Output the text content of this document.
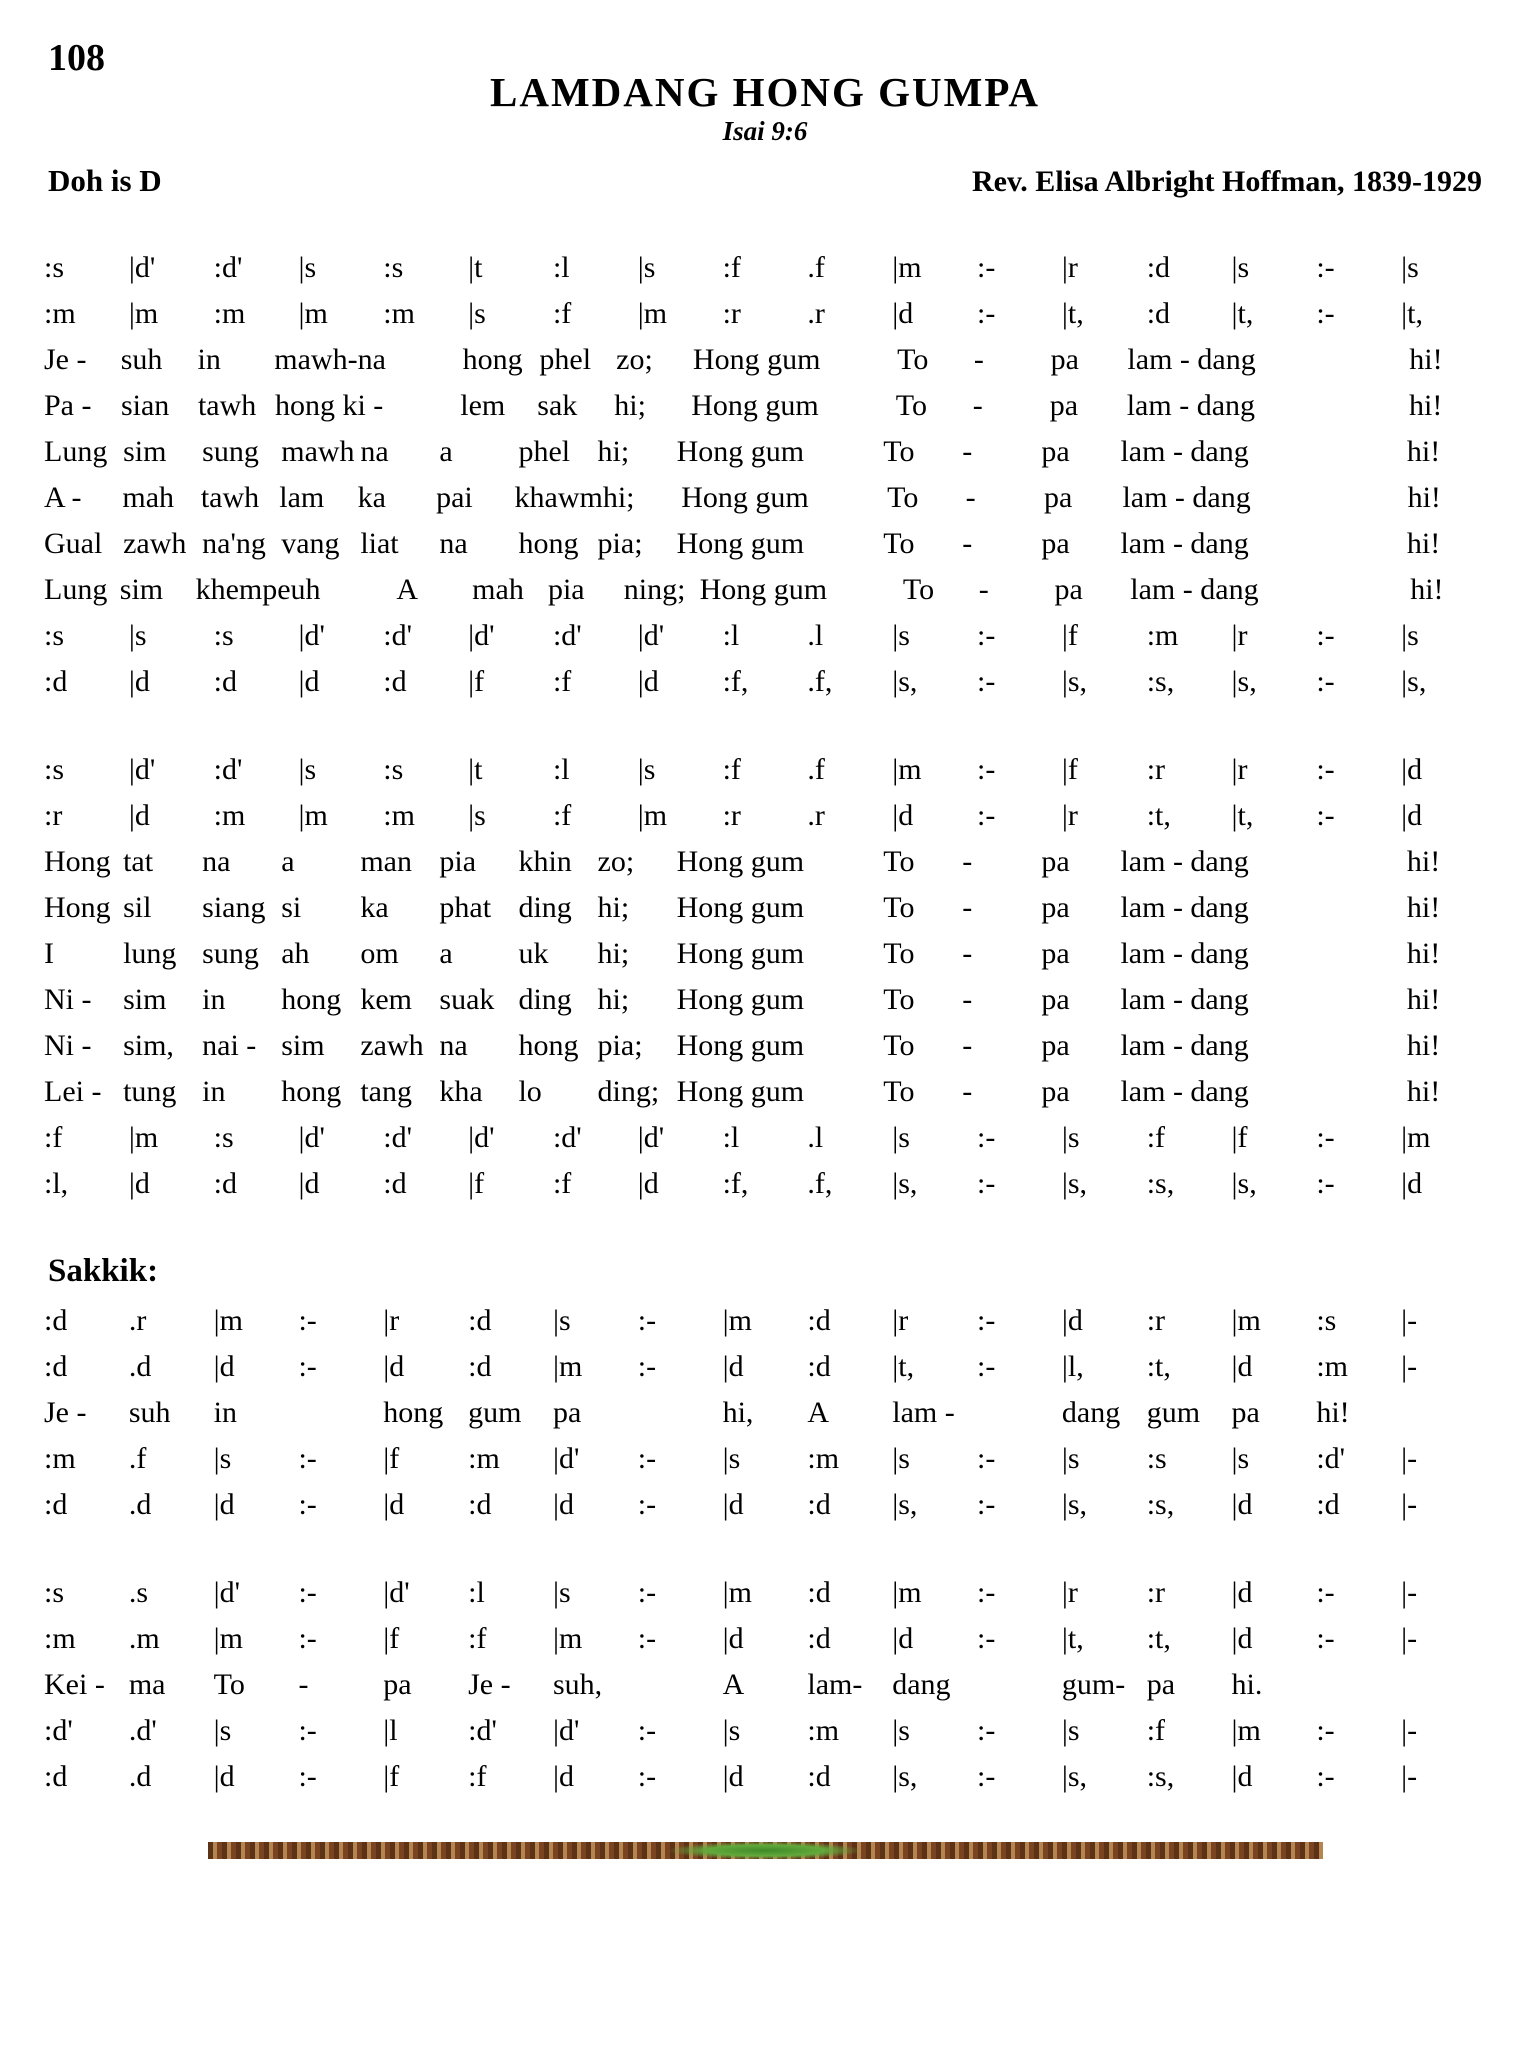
108
LAMDANG HONG GUMPA
Isai 9:6
Doh is D	Rev. Elisa Albright Hoffman, 1839-1929
:s	|d'	:d'	|s	:s	|t	:l	|s	:f	.f	|m	:-	|r	:d	|s	:-	|s
:m	|m	:m	|m	:m	|s	:f	|m	:r	.r	|d	:-	|t,	:d	|t,	:-	|t,
Je -	suh	in	mawh-na	hong phel zo;	Hong gum	To	-	pa	lam - dang	hi!
Pa - sian tawh hong ki -	lem	sak	hi;	Hong gum	To	-	pa	lam - dang	hi!
Lung sim	sung mawh na	a	phel hi;	Hong gum	To	-	pa	lam - dang	hi!
A -	mah tawh lam	ka	pai	khawm hi;	Hong gum	To	-	pa	lam - dang	hi!
Gual zawh na'ng vang liat	na	hong pia;	Hong gum	To	-	pa	lam - dang	hi!
Lung sim	khempeuh	A	mah pia	ning; Hong gum	To	-	pa	lam - dang	hi!
:s	|s	:s	|d'	:d'	|d'	:d'	|d'	:l	.l	|s	:-	|f	:m	|r	:-	|s
:d	|d	:d	|d	:d	|f	:f	|d	:f,	.f,	|s,	:-	|s,	:s,	|s,	:-	|s,
:s	|d'	:d'	|s	:s	|t	:l	|s	:f	.f	|m	:-	|f	:r	|r	:-	|d
:r	|d	:m	|m	:m	|s	:f	|m	:r	.r	|d	:-	|r	:t,	|t,	:-	|d
Hong tat	na	a	man pia	khin zo;	Hong gum	To	-	pa	lam - dang	hi!
Hong sil	siang si	ka	phat ding hi;	Hong gum	To	-	pa	lam - dang	hi!
I	lung sung ah	om	a	uk	hi;	Hong gum	To	-	pa	lam - dang	hi!
Ni -	sim	in	hong kem suak ding hi;	Hong gum	To	-	pa	lam - dang	hi!
Ni -	sim, nai - sim	zawh na	hong pia;	Hong gum	To	-	pa	lam - dang	hi!
Lei - tung in	hong tang kha	lo	ding; Hong gum	To	-	pa	lam - dang	hi!
:f	|m	:s	|d'	:d'	|d'	:d'	|d'	:l	.l	|s	:-	|s	:f	|f	:-	|m
:l,	|d	:d	|d	:d	|f	:f	|d	:f,	.f,	|s,	:-	|s,	:s,	|s,	:-	|d
Sakkik:
:d	.r	|m	:-	|r	:d	|s	:-	|m	:d	|r	:-	|d	:r	|m	:s	|-
:d	.d	|d	:-	|d	:d	|m	:-	|d	:d	|t,	:-	|l,	:t,	|d	:m	|-
Je -	suh	in	hong gum	pa	hi,	A	lam -	dang gum	pa	hi!
:m	.f	|s	:-	|f	:m	|d'	:-	|s	:m	|s	:-	|s	:s	|s	:d'	|-
:d	.d	|d	:-	|d	:d	|d	:-	|d	:d	|s,	:-	|s,	:s,	|d	:d	|-
:s	.s	|d'	:-	|d'	:l	|s	:-	|m	:d	|m	:-	|r	:r	|d	:-	|-
:m	.m	|m	:-	|f	:f	|m	:-	|d	:d	|d	:-	|t,	:t,	|d	:-	|-
Kei - ma	To	-	pa	Je -	suh,	A	lam- dang	gum- pa	hi.
:d'	.d'	|s	:-	|l	:d'	|d'	:-	|s	:m	|s	:-	|s	:f	|m	:-	|-
:d	.d	|d	:-	|f	:f	|d	:-	|d	:d	|s,	:-	|s,	:s,	|d	:-	|-
